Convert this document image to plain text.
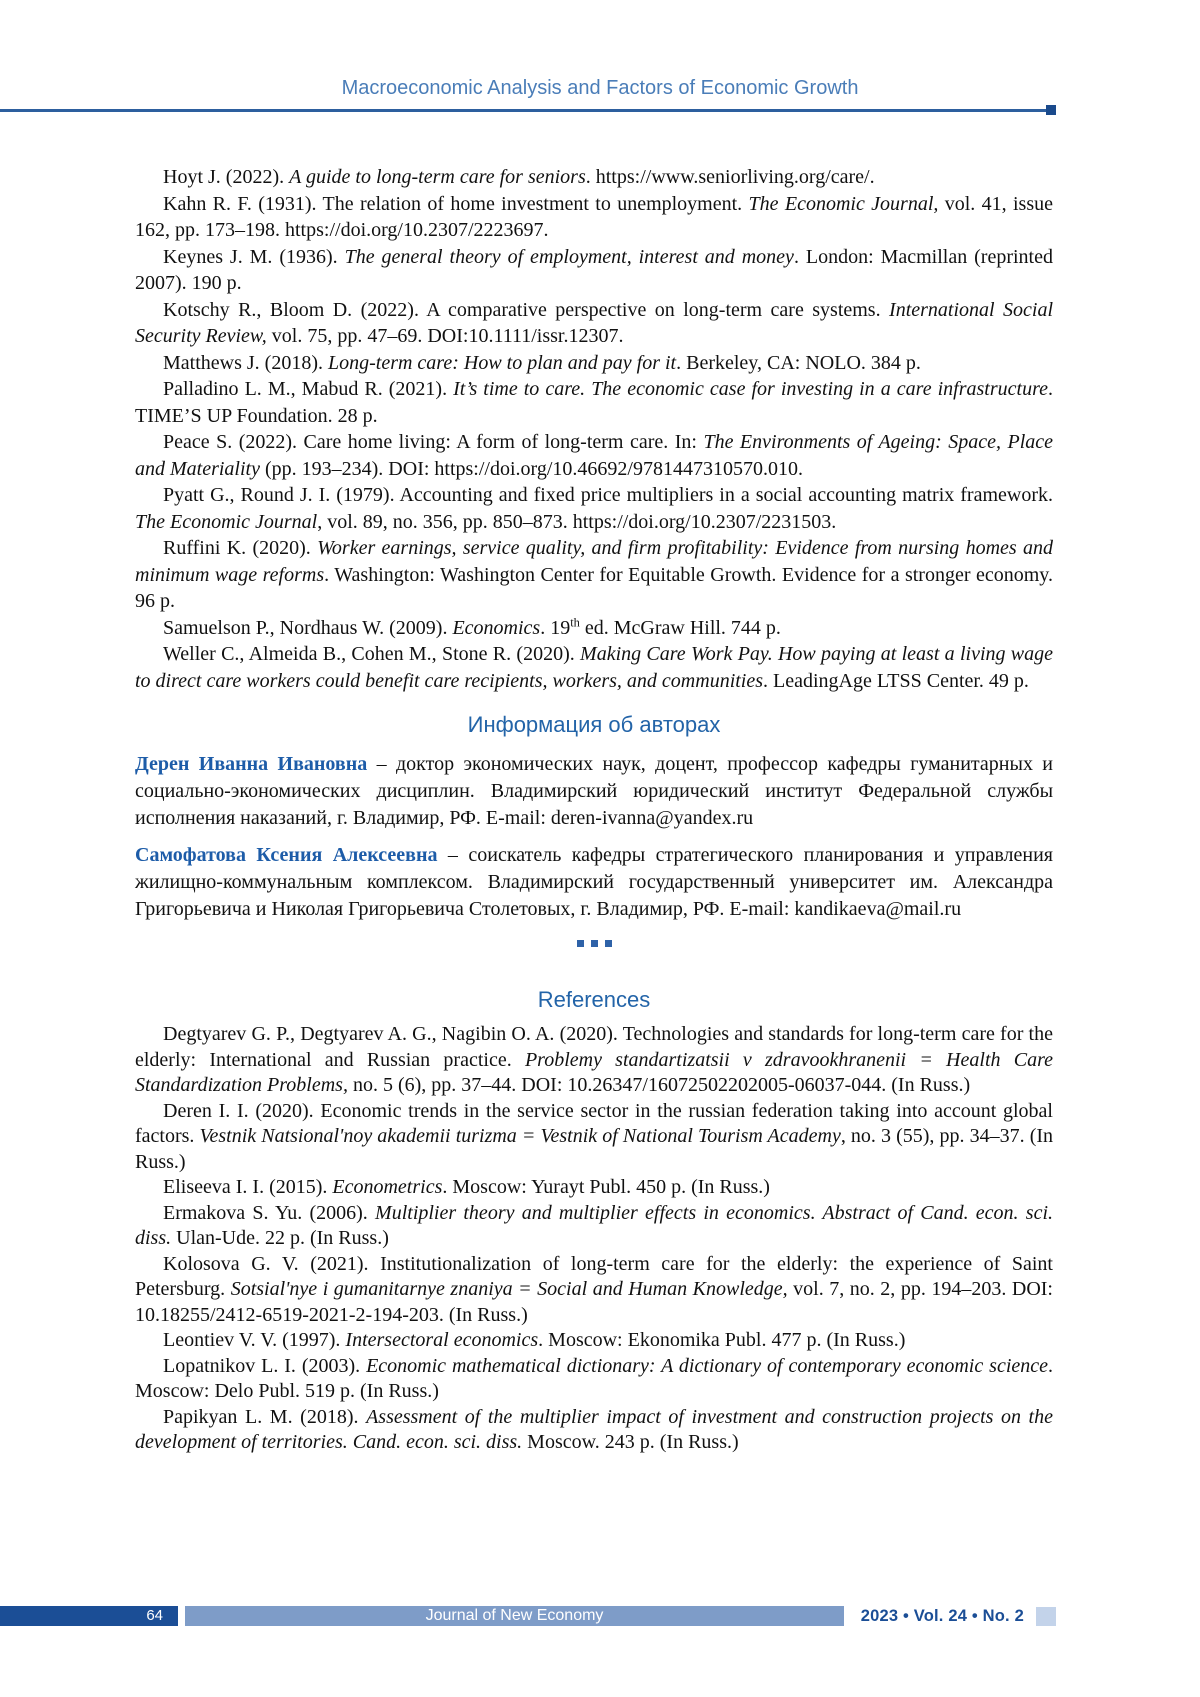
Macroeconomic Analysis and Factors of Economic Growth

Hoyt J. (2022). A guide to long-term care for seniors. https://www.seniorliving.org/care/.

Kahn R. F. (1931). The relation of home investment to unemployment. The Economic Journal, vol. 41, issue 162, pp. 173–198. https://doi.org/10.2307/2223697.

Keynes J. M. (1936). The general theory of employment, interest and money. London: Macmillan (reprinted 2007). 190 p.

Kotschy R., Bloom D. (2022). A comparative perspective on long-term care systems. International Social Security Review, vol. 75, pp. 47–69. DOI:10.1111/issr.12307.

Matthews J. (2018). Long-term care: How to plan and pay for it. Berkeley, CA: NOLO. 384 p.

Palladino L. M., Mabud R. (2021). It’s time to care. The economic case for investing in a care infrastructure. TIME’S UP Foundation. 28 p.

Peace S. (2022). Care home living: A form of long-term care. In: The Environments of Ageing: Space, Place and Materiality (pp. 193–234). DOI: https://doi.org/10.46692/9781447310570.010.

Pyatt G., Round J. I. (1979). Accounting and fixed price multipliers in a social accounting matrix framework. The Economic Journal, vol. 89, no. 356, pp. 850–873. https://doi.org/10.2307/2231503.

Ruffini K. (2020). Worker earnings, service quality, and firm profitability: Evidence from nursing homes and minimum wage reforms. Washington: Washington Center for Equitable Growth. Evidence for a stronger economy. 96 p.

Samuelson P., Nordhaus W. (2009). Economics. 19th ed. McGraw Hill. 744 p.

Weller C., Almeida B., Cohen M., Stone R. (2020). Making Care Work Pay. How paying at least a living wage to direct care workers could benefit care recipients, workers, and communities. LeadingAge LTSS Center. 49 p.

Информация об авторах

Дерен Иванна Ивановна – доктор экономических наук, доцент, профессор кафедры гуманитарных и социально-экономических дисциплин. Владимирский юридический институт Федеральной службы исполнения наказаний, г. Владимир, РФ. E-mail: deren-ivanna@yandex.ru

Самофатова Ксения Алексеевна – соискатель кафедры стратегического планирования и управления жилищно-коммунальным комплексом. Владимирский государственный университет им. Александра Григорьевича и Николая Григорьевича Столетовых, г. Владимир, РФ. E-mail: kandikaeva@mail.ru

References

Degtyarev G. P., Degtyarev A. G., Nagibin O. A. (2020). Technologies and standards for long-term care for the elderly: International and Russian practice. Problemy standartizatsii v zdravookhranenii = Health Care Standardization Problems, no. 5 (6), pp. 37–44. DOI: 10.26347/16072502202005-06037-044. (In Russ.)

Deren I. I. (2020). Economic trends in the service sector in the russian federation taking into account global factors. Vestnik Natsional'noy akademii turizma = Vestnik of National Tourism Academy, no. 3 (55), pp. 34–37. (In Russ.)

Eliseeva I. I. (2015). Econometrics. Moscow: Yurayt Publ. 450 p. (In Russ.)

Ermakova S. Yu. (2006). Multiplier theory and multiplier effects in economics. Abstract of Cand. econ. sci. diss. Ulan-Ude. 22 p. (In Russ.)

Kolosova G. V. (2021). Institutionalization of long-term care for the elderly: the experience of Saint Petersburg. Sotsial'nye i gumanitarnye znaniya = Social and Human Knowledge, vol. 7, no. 2, pp. 194–203. DOI: 10.18255/2412-6519-2021-2-194-203. (In Russ.)

Leontiev V. V. (1997). Intersectoral economics. Moscow: Ekonomika Publ. 477 p. (In Russ.)

Lopatnikov L. I. (2003). Economic mathematical dictionary: A dictionary of contemporary economic science. Moscow: Delo Publ. 519 p. (In Russ.)

Papikyan L. M. (2018). Assessment of the multiplier impact of investment and construction projects on the development of territories. Cand. econ. sci. diss. Moscow. 243 p. (In Russ.)

64	Journal of New Economy	2023 • Vol. 24 • No. 2
